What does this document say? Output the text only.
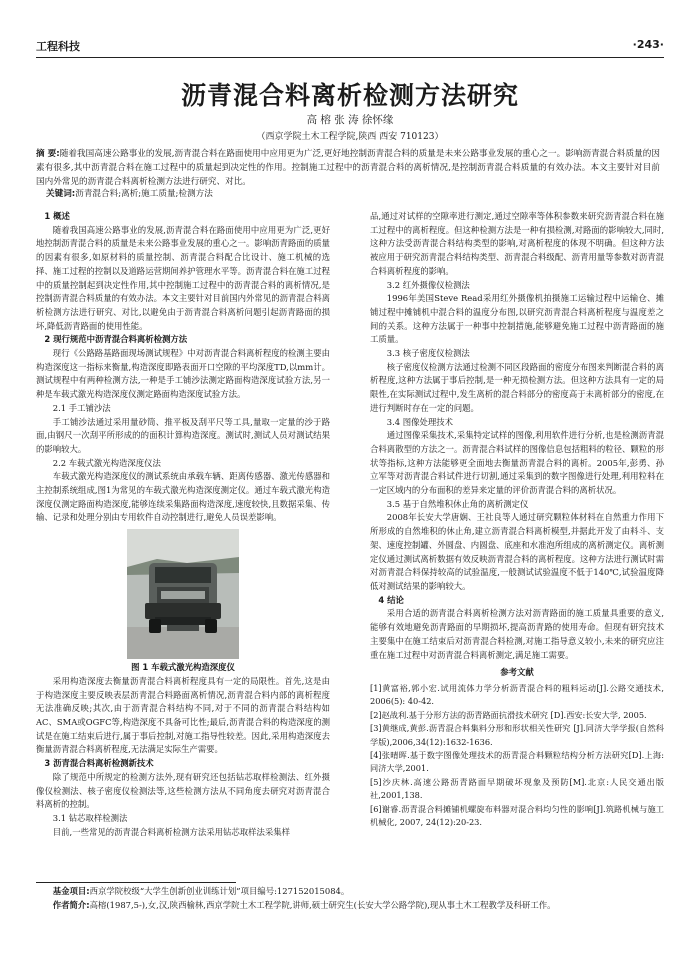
工程科技	·243·
沥青混合料离析检测方法研究
高 榕 张 涛 徐怀缘
（西京学院土木工程学院,陕西 西安 710123）
摘 要:随着我国高速公路事业的发展,沥青混合料在路面使用中应用更为广泛,更好地控制沥青混合料的质量是未来公路事业发展的重心之一。影响沥青混合料质量的因素有很多,其中沥青混合料在施工过程中的质量起到决定性的作用。控制施工过程中的沥青混合料的离析情况,是控制沥青混合料质量的有效办法。本文主要针对目前国内外常见的沥青混合料离析检测方法进行研究、对比。
关键词:沥青混合料;离析;施工质量;检测方法

1 概述

随着我国高速公路事业的发展,沥青混合料在路面使用中应用更为广泛,更好地控制沥青混合料的质量是未来公路事业发展的重心之一。影响沥青路面的质量的因素有很多,如原材料的质量控制、沥青混合料配合比设计、施工机械的选择、施工过程的控制以及道路运营期间养护管理水平等。沥青混合料在施工过程中的质量控制起到决定性作用,其中控制施工过程中的沥青混合料的离析情况,是控制沥青混合料质量的有效办法。本文主要针对目前国内外常见的沥青混合料离析检测方法进行研究、对比,以避免由于沥青混合料离析问题引起沥青路面的损坏,降低沥青路面的使用性能。

2 现行规范中沥青混合料离析检测方法

现行《公路路基路面现场测试规程》中对沥青混合料离析程度的检测主要由构造深度这一指标来衡量,构造深度即路表面开口空隙的平均深度TD,以mm计。测试规程中有两种检测方法,一种是手工铺沙法测定路面构造深度试验方法,另一种是车载式激光构造深度仪测定路面构造深度试验方法。

2.1 手工铺沙法

手工铺沙法通过采用量砂筒、推平板及刮平尺等工具,量取一定量的沙于路面,由钢尺一次刮平所形成的的面积计算构造深度。测试时,测试人员对测试结果的影响较大。

2.2 车载式激光构造深度仪法

车载式激光构造深度仪的测试系统由承载车辆、距离传感器、激光传感器和主控制系统组成,图1为常见的车载式激光构造深度测定仪。通过车载式激光构造深度仪测定路面构造深度,能够连续采集路面构造深度,速度较快,且数据采集、传输、记录和处理分别由专用软件自动控制进行,避免人员误差影响。

图 1 车载式激光构造深度仪

采用构造深度去衡量沥青混合料离析程度具有一定的局限性。首先,这是由于构造深度主要反映表层沥青混合料路面离析情况,沥青混合料内部的离析程度无法准确反映;其次,由于沥青混合料结构不同,对于不同的沥青混合料结构如AC、SMA或OGFC等,构造深度不具备可比性;最后,沥青混合料的构造深度的测试是在施工结束后进行,属于事后控制,对施工指导性较差。因此,采用构造深度去衡量沥青混合料离析程度,无法满足实际生产需要。

3 沥青混合料离析检测新技术

除了规范中所规定的检测方法外,现有研究还包括钻芯取样检测法、红外摄像仪检测法、核子密度仪检测法等,这些检测方法从不同角度去研究对沥青混合料离析的控制。

3.1 钻芯取样检测法

目前,一些常见的沥青混合料离析检测方法采用钻芯取样法采集样

品,通过对试样的空隙率进行测定,通过空隙率等体积参数来研究沥青混合料在施工过程中的离析程度。但这种检测方法是一种有损检测,对路面的影响较大,同时,这种方法受沥青混合料结构类型的影响,对离析程度的体现不明确。但这种方法被应用于研究沥青混合料结构类型、沥青混合料级配、沥青用量等参数对沥青混合料离析程度的影响。

3.2 红外摄像仪检测法

1996年美国Steve Read采用红外摄像机拍摄施工运输过程中运输仓、摊铺过程中摊铺机中混合料的温度分布图,以研究沥青混合料离析程度与温度差之间的关系。这种方法属于一种事中控制措施,能够避免施工过程中沥青路面的施工质量。

3.3 核子密度仪检测法

核子密度仪检测方法通过检测不同区段路面的密度分布图来判断混合料的离析程度,这种方法属于事后控制,是一种无损检测方法。但这种方法具有一定的局限性,在实际测试过程中,发生离析的混合料部分的密度高于未离析部分的密度,在进行判断时存在一定的问题。

3.4 图像处理技术

通过图像采集技术,采集特定试样的图像,利用软件进行分析,也是检测沥青混合料离散型的方法之一。沥青混合料试样的图像信息包括粗料的粒径、颗粒的形状等指标,这种方法能够更全面地去衡量沥青混合料的离析。2005年,彭勇、孙立军等对沥青混合料试件进行切割,通过采集到的数字图像进行处理,利用粒料在一定区域内的分布面积的差异来定量的评价沥青混合料的离析状况。

3.5 基于自然堆积休止角的离析测定仪

2008年长安大学唐娴、王社良等人通过研究颗粒体材料在自然重力作用下所形成的自然堆积的休止角,建立沥青混合料离析模型,并据此开发了由料斗、支架、速度控制罐、外圆盘、内圆盘、底座和水准泡所组成的离析测定仪。离析测定仪通过测试离析数据有效反映沥青混合料的离析程度。这种方法进行测试时需对沥青混合料保持较高的试验温度,一般测试试验温度不低于140℃,试验温度降低对测试结果的影响较大。

4 结论

采用合适的沥青混合料离析检测方法对沥青路面的施工质量具重要的意义,能够有效地避免沥青路面的早期损坏,提高沥青路的使用寿命。但现有研究技术主要集中在施工结束后对沥青混合料检测,对施工指导意义较小,未来的研究应注重在施工过程中对沥青混合料离析测定,满足施工需要。

参考文献

[1]黄富裕,郭小宏.试用流体力学分析沥青混合料的粗料运动[J].公路交通技术, 2006(5): 40-42.

[2]赵战利.基于分形方法的沥青路面抗滑技术研究 [D].西安:长安大学, 2005.

[3]黄继成,黄彭.沥青混合料集料分形和形状相关性研究 [J].同济大学学报(自然科学版),2006,34(12):1632-1636.

[4]张晴晖.基于数字图像处理技术的沥青混合料颗粒结构分析方法研究[D].上海:同济大学,2001.

[5]沙庆林.高速公路沥青路面早期破坏现象及预防[M].北京:人民交通出版社,2001,138.

[6]谢睿.沥青混合料摊铺机螺旋布料器对混合料均匀性的影响[J].筑路机械与施工机械化, 2007, 24(12):20-23.

基金项目:西京学院校级“大学生创新创业训练计划”项目编号:127152015084。
作者简介:高榕(1987,5-),女,汉,陕西榆林,西京学院土木工程学院,讲师,硕士研究生(长安大学公路学院),现从事土木工程教学及科研工作。
